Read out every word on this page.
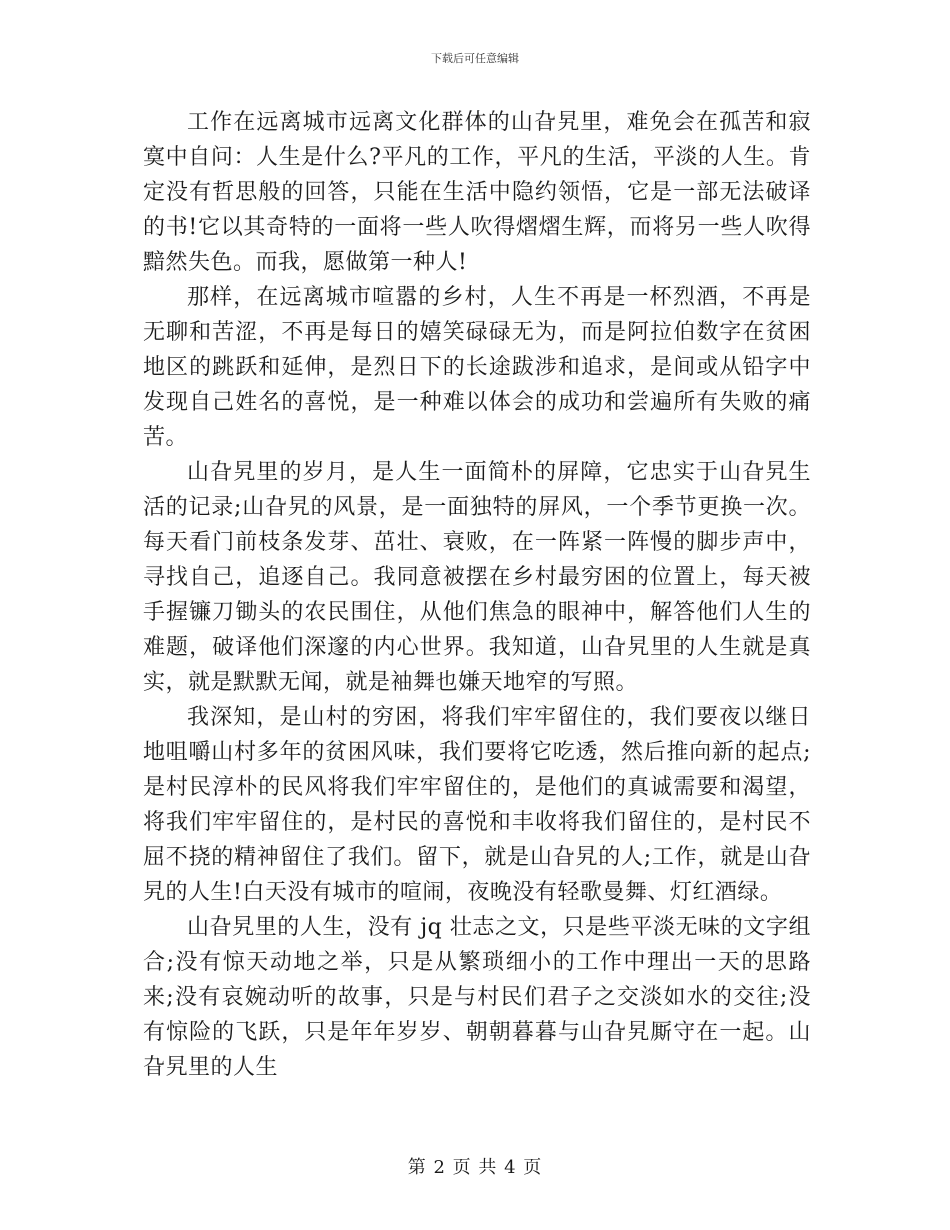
下载后可任意编辑

工作在远离城市远离文化群体的山旮旯里，难免会在孤苦和寂寞中自问：人生是什么?平凡的工作，平凡的生活，平淡的人生。肯定没有哲思般的回答，只能在生活中隐约领悟，它是一部无法破译的书!它以其奇特的一面将一些人吹得熠熠生辉，而将另一些人吹得黯然失色。而我，愿做第一种人!

那样，在远离城市喧嚣的乡村，人生不再是一杯烈酒，不再是无聊和苦涩，不再是每日的嬉笑碌碌无为，而是阿拉伯数字在贫困地区的跳跃和延伸，是烈日下的长途跋涉和追求，是间或从铅字中发现自己姓名的喜悦，是一种难以体会的成功和尝遍所有失败的痛苦。

山旮旯里的岁月，是人生一面简朴的屏障，它忠实于山旮旯生活的记录;山旮旯的风景，是一面独特的屏风，一个季节更换一次。每天看门前枝条发芽、茁壮、衰败，在一阵紧一阵慢的脚步声中，寻找自己，追逐自己。我同意被摆在乡村最穷困的位置上，每天被手握镰刀锄头的农民围住，从他们焦急的眼神中，解答他们人生的难题，破译他们深邃的内心世界。我知道，山旮旯里的人生就是真实，就是默默无闻，就是袖舞也嫌天地窄的写照。

我深知，是山村的穷困，将我们牢牢留住的，我们要夜以继日地咀嚼山村多年的贫困风味，我们要将它吃透，然后推向新的起点;是村民淳朴的民风将我们牢牢留住的，是他们的真诚需要和渴望，将我们牢牢留住的，是村民的喜悦和丰收将我们留住的，是村民不屈不挠的精神留住了我们。留下，就是山旮旯的人;工作，就是山旮旯的人生!白天没有城市的喧闹，夜晚没有轻歌曼舞、灯红酒绿。

山旮旯里的人生，没有 jq 壮志之文，只是些平淡无味的文字组合;没有惊天动地之举，只是从繁琐细小的工作中理出一天的思路来;没有哀婉动听的故事，只是与村民们君子之交淡如水的交往;没有惊险的飞跃，只是年年岁岁、朝朝暮暮与山旮旯厮守在一起。山旮旯里的人生

第 2 页 共 4 页
